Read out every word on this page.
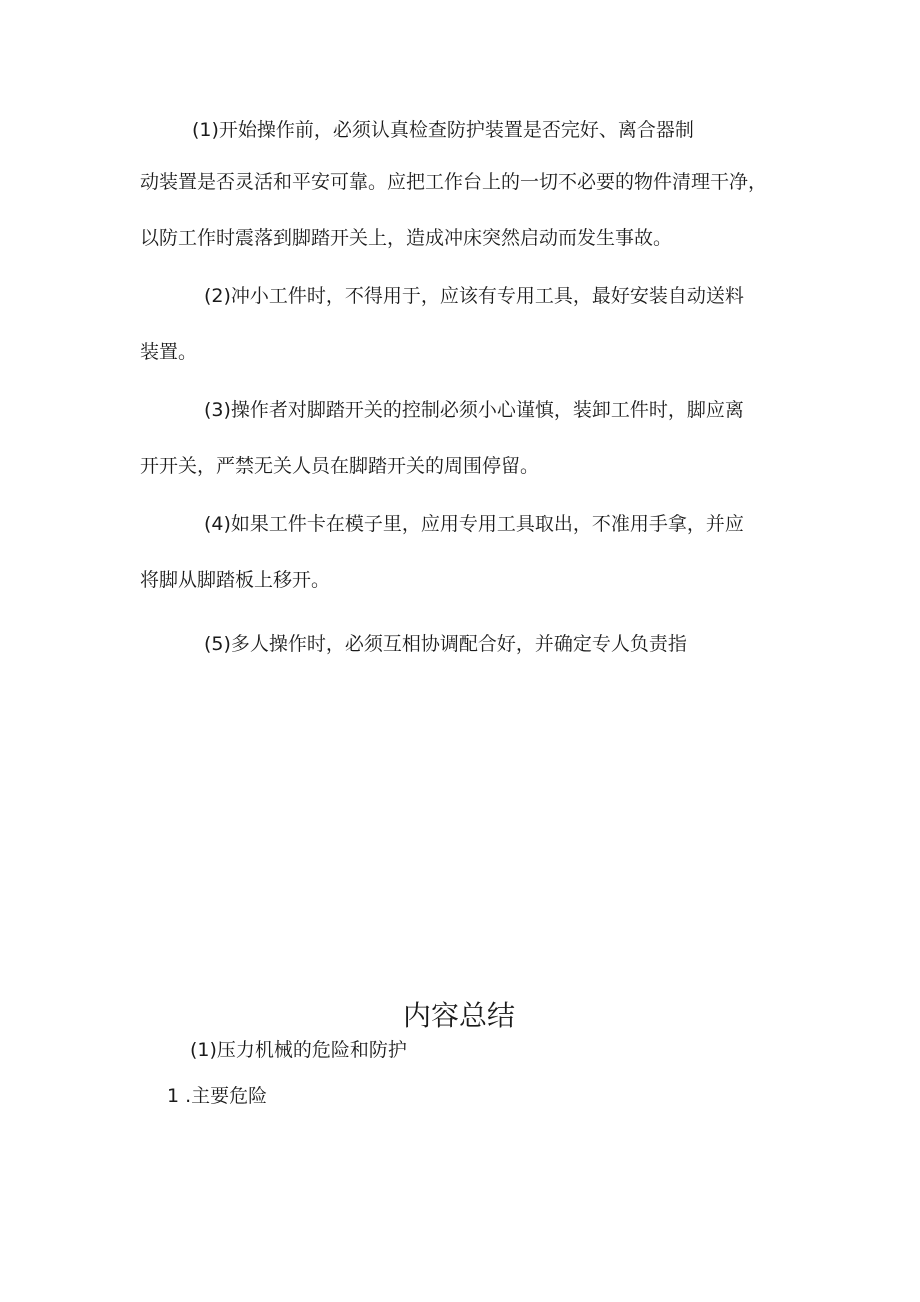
(1)开始操作前，必须认真检查防护装置是否完好、离合器制

动装置是否灵活和平安可靠。应把工作台上的一切不必要的物件清理干净，

以防工作时震落到脚踏开关上，造成冲床突然启动而发生事故。

(2)冲小工件时，不得用于，应该有专用工具，最好安装自动送料

装置。

(3)操作者对脚踏开关的控制必须小心谨慎，装卸工件时，脚应离

开开关，严禁无关人员在脚踏开关的周围停留。

(4)如果工件卡在模子里，应用专用工具取出，不准用手拿，并应

将脚从脚踏板上移开。

(5)多人操作时，必须互相协调配合好，并确定专人负责指

内容总结

(1)压力机械的危险和防护

1 .主要危险
